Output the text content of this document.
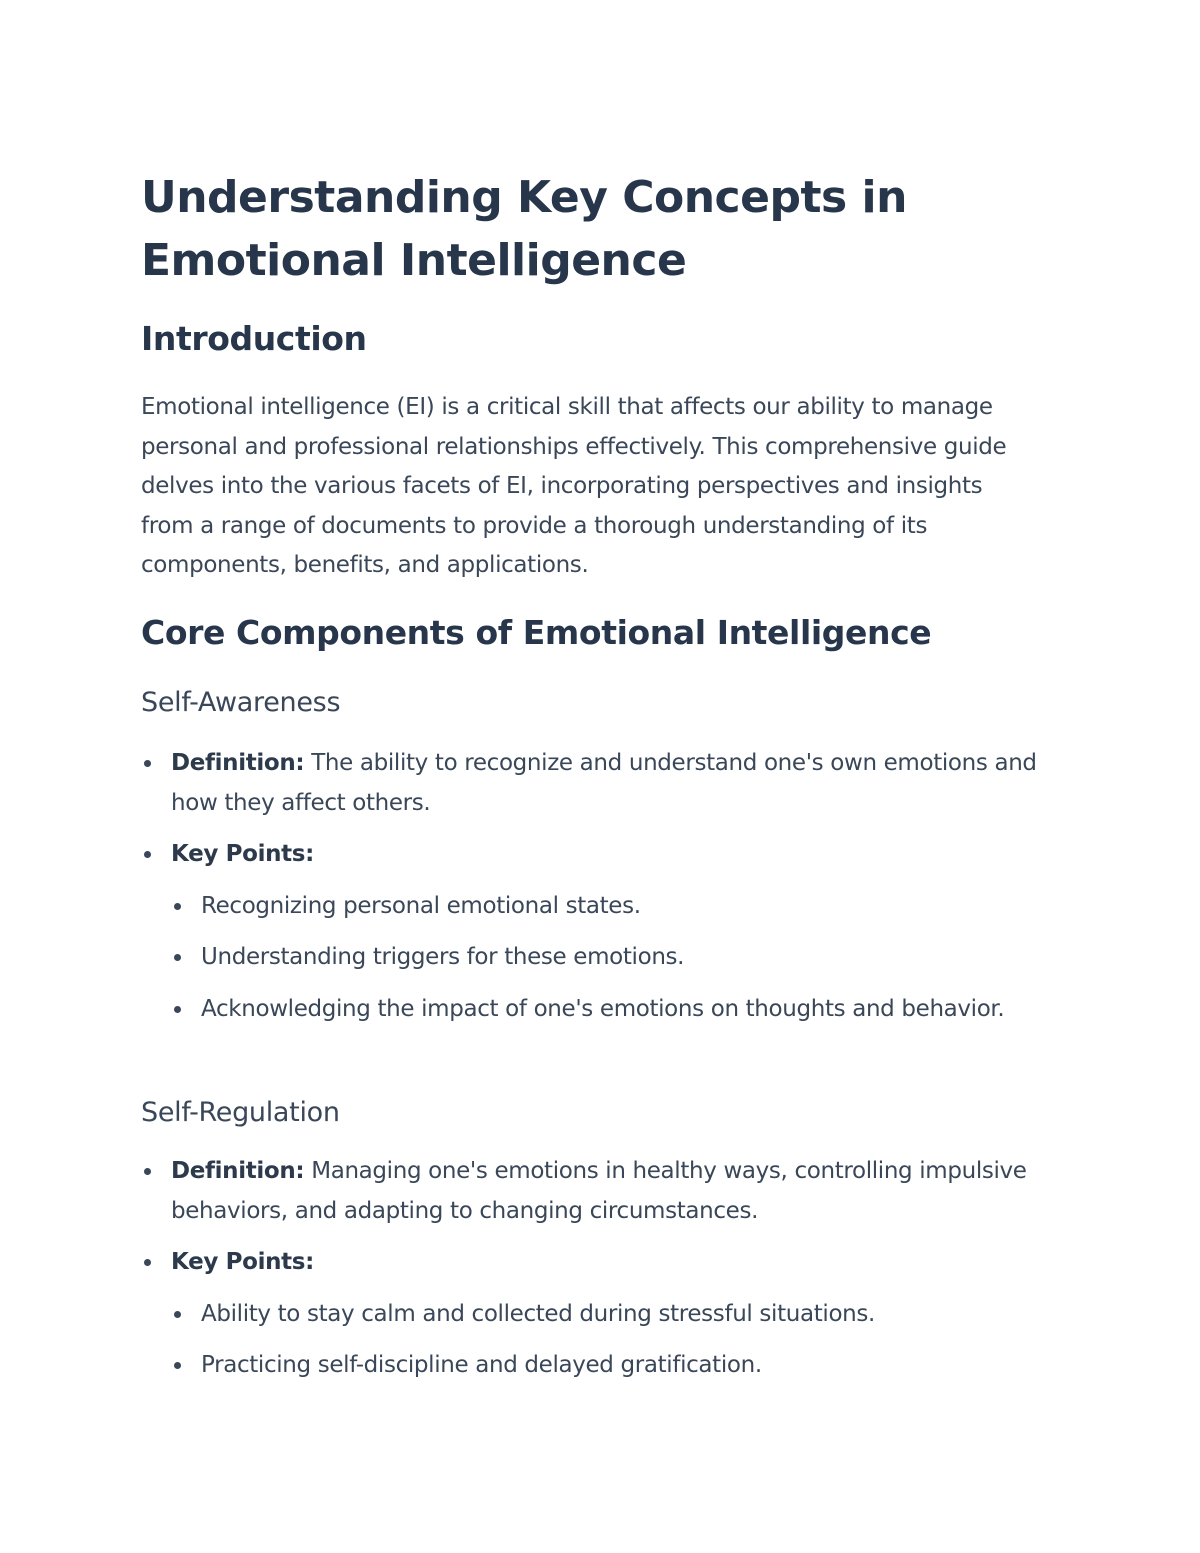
Understanding Key Concepts in Emotional Intelligence
Introduction

Emotional intelligence (EI) is a critical skill that affects our ability to manage personal and professional relationships effectively. This comprehensive guide delves into the various facets of EI, incorporating perspectives and insights from a range of documents to provide a thorough understanding of its components, benefits, and applications.

Core Components of Emotional Intelligence
Self-Awareness
Definition: The ability to recognize and understand one's own emotions and how they affect others.
Key Points:
Recognizing personal emotional states.
Understanding triggers for these emotions.
Acknowledging the impact of one's emotions on thoughts and behavior.
Self-Regulation
Definition: Managing one's emotions in healthy ways, controlling impulsive behaviors, and adapting to changing circumstances.
Key Points:
Ability to stay calm and collected during stressful situations.
Practicing self-discipline and delayed gratification.
